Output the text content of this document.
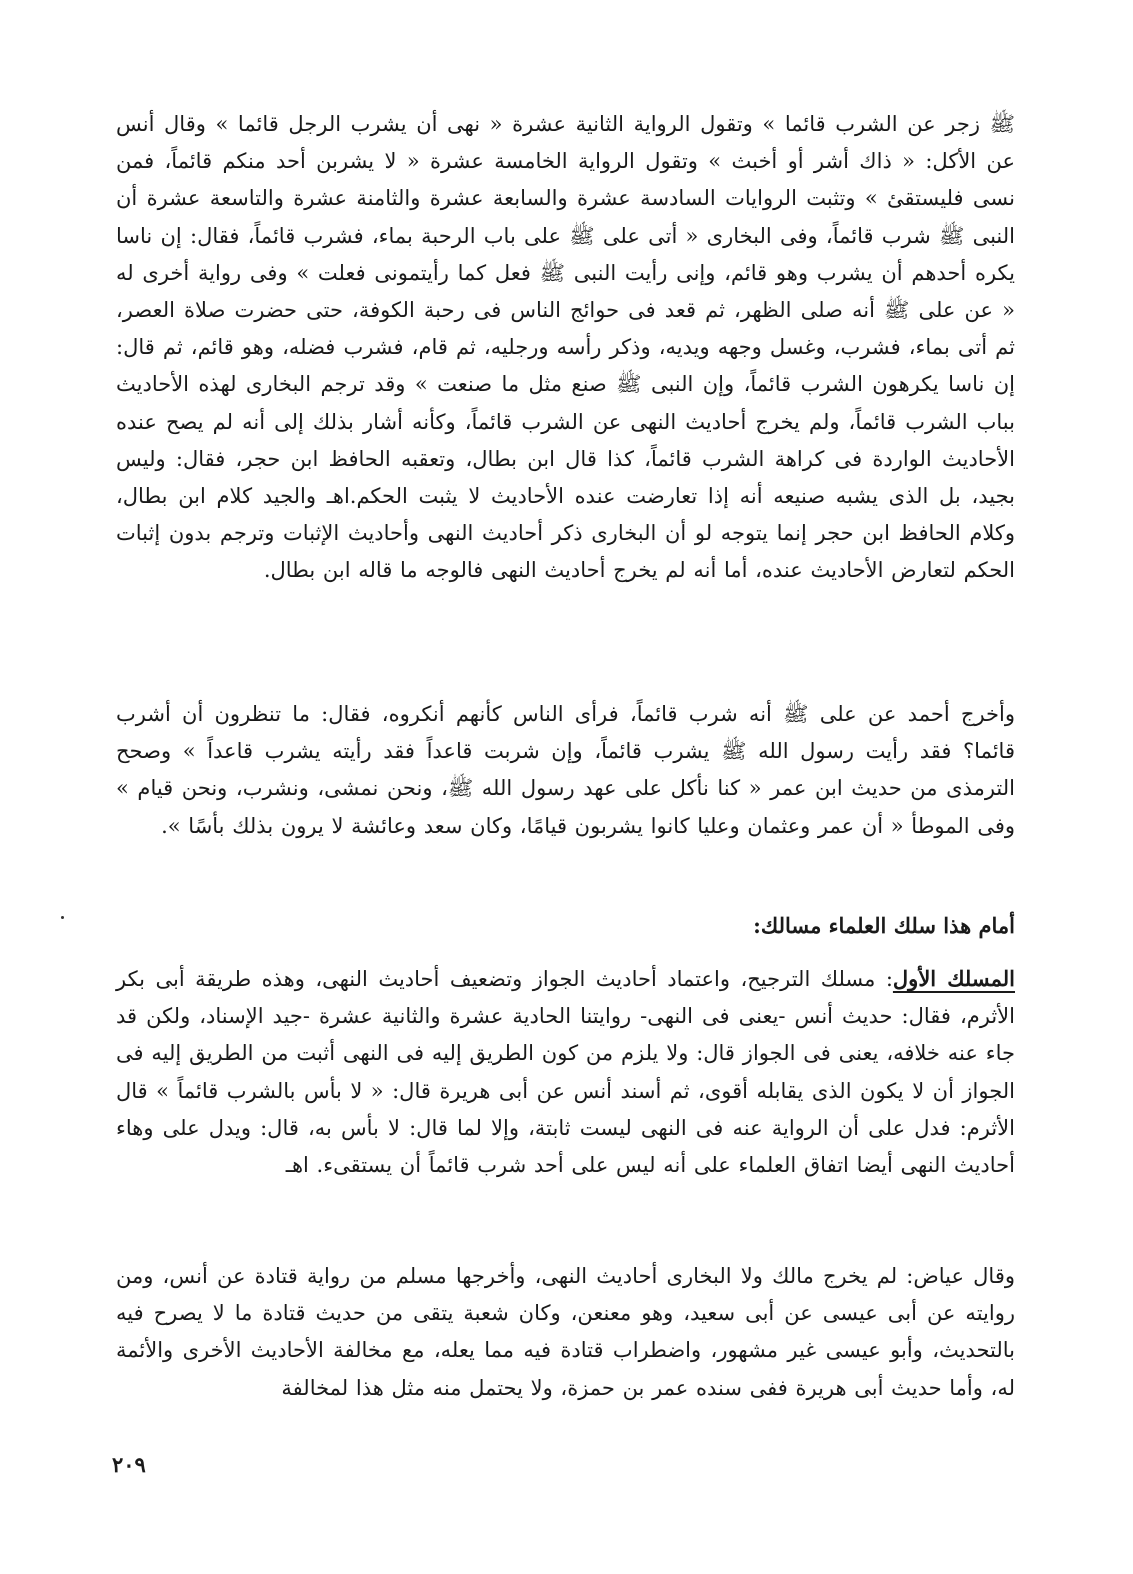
ﷺ زجر عن الشرب قائما » وتقول الرواية الثانية عشرة « نهى أن يشرب الرجل قائما » وقال أنس عن الأكل: « ذاك أشر أو أخبث » وتقول الرواية الخامسة عشرة « لا يشربن أحد منكم قائماً، فمن نسى فليستقئ » وتثبت الروايات السادسة عشرة والسابعة عشرة والثامنة عشرة والتاسعة عشرة أن النبى ﷺ شرب قائماً، وفى البخارى « أتى على ﷺ على باب الرحبة بماء، فشرب قائماً، فقال: إن ناسا يكره أحدهم أن يشرب وهو قائم، وإنى رأيت النبى ﷺ فعل كما رأيتمونى فعلت » وفى رواية أخرى له « عن على ﷺ أنه صلى الظهر، ثم قعد فى حوائج الناس فى رحبة الكوفة، حتى حضرت صلاة العصر، ثم أتى بماء، فشرب، وغسل وجهه ويديه، وذكر رأسه ورجليه، ثم قام، فشرب فضله، وهو قائم، ثم قال: إن ناسا يكرهون الشرب قائماً، وإن النبى ﷺ صنع مثل ما صنعت » وقد ترجم البخارى لهذه الأحاديث بباب الشرب قائماً، ولم يخرج أحاديث النهى عن الشرب قائماً، وكأنه أشار بذلك إلى أنه لم يصح عنده الأحاديث الواردة فى كراهة الشرب قائماً، كذا قال ابن بطال، وتعقبه الحافظ ابن حجر، فقال: وليس بجيد، بل الذى يشبه صنيعه أنه إذا تعارضت عنده الأحاديث لا يثبت الحكم.اهـ والجيد كلام ابن بطال، وكلام الحافظ ابن حجر إنما يتوجه لو أن البخارى ذكر أحاديث النهى وأحاديث الإثبات وترجم بدون إثبات الحكم لتعارض الأحاديث عنده، أما أنه لم يخرج أحاديث النهى فالوجه ما قاله ابن بطال.

وأخرج أحمد عن على ﷺ أنه شرب قائماً، فرأى الناس كأنهم أنكروه، فقال: ما تنظرون أن أشرب قائما؟ فقد رأيت رسول الله ﷺ يشرب قائماً، وإن شربت قاعداً فقد رأيته يشرب قاعداً » وصحح الترمذى من حديث ابن عمر « كنا نأكل على عهد رسول الله ﷺ، ونحن نمشى، ونشرب، ونحن قيام » وفى الموطأ « أن عمر وعثمان وعليا كانوا يشربون قيامًا، وكان سعد وعائشة لا يرون بذلك بأسًا ».

أمام هذا سلك العلماء مسالك:

المسلك الأول: مسلك الترجيح، واعتماد أحاديث الجواز وتضعيف أحاديث النهى، وهذه طريقة أبى بكر الأثرم، فقال: حديث أنس -يعنى فى النهى- روايتنا الحادية عشرة والثانية عشرة -جيد الإسناد، ولكن قد جاء عنه خلافه، يعنى فى الجواز قال: ولا يلزم من كون الطريق إليه فى النهى أثبت من الطريق إليه فى الجواز أن لا يكون الذى يقابله أقوى، ثم أسند أنس عن أبى هريرة قال: « لا بأس بالشرب قائماً » قال الأثرم: فدل على أن الرواية عنه فى النهى ليست ثابتة، وإلا لما قال: لا بأس به، قال: ويدل على وهاء أحاديث النهى أيضا اتفاق العلماء على أنه ليس على أحد شرب قائماً أن يستقىء. اهـ

وقال عياض: لم يخرج مالك ولا البخارى أحاديث النهى، وأخرجها مسلم من رواية قتادة عن أنس، ومن روايته عن أبى عيسى عن أبى سعيد، وهو معنعن، وكان شعبة يتقى من حديث قتادة ما لا يصرح فيه بالتحديث، وأبو عيسى غير مشهور، واضطراب قتادة فيه مما يعله، مع مخالفة الأحاديث الأخرى والأئمة له، وأما حديث أبى هريرة ففى سنده عمر بن حمزة، ولا يحتمل منه مثل هذا لمخالفة

٢٠٩
